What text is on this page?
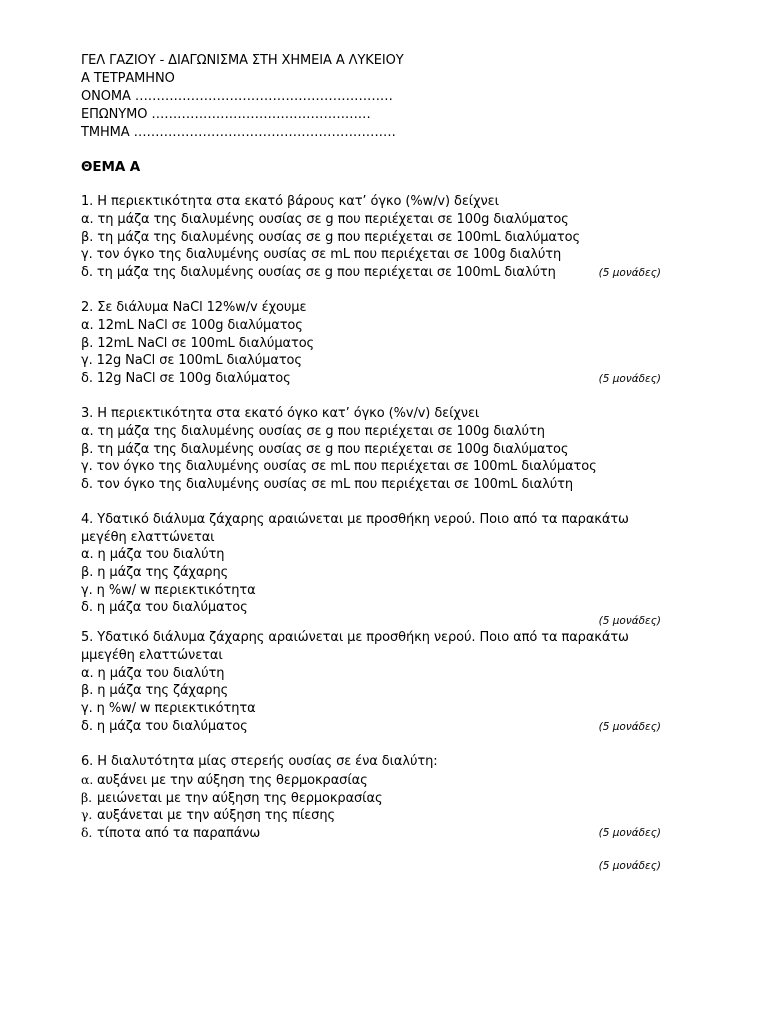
ΓΕΛ ΓΑΖΙΟΥ - ΔΙΑΓΩΝΙΣΜΑ ΣΤΗ ΧΗΜΕΙΑ Α ΛΥΚΕΙΟΥ

Α ΤΕΤΡΑΜΗΝΟ

ΟΝΟΜΑ ……………………………………………………

ΕΠΩΝΥΜΟ ……………………………………………

ΤΜΗΜΑ …………………………………………………….

ΘΕΜΑ Α

1. Η περιεκτικότητα στα εκατό βάρους κατ’ όγκο (%w/v) δείχνει

α. τη μάζα της διαλυμένης ουσίας σε g που περιέχεται σε 100g διαλύματος

β. τη μάζα της διαλυμένης ουσίας σε g που περιέχεται σε 100mL διαλύματος

γ. τον όγκο της διαλυμένης ουσίας σε mL που περιέχεται σε 100g διαλύτη

δ. τη μάζα της διαλυμένης ουσίας σε g που περιέχεται σε 100mL διαλύτη	(5 μονάδες)

2. Σε διάλυμα NaCl 12%w/v έχουμε

α. 12mL NaCl σε 100g διαλύματος

β. 12mL NaCl σε 100mL διαλύματος

γ. 12g NaCl σε 100mL διαλύματος

δ. 12g NaCl σε 100g διαλύματος	(5 μονάδες)

3. Η περιεκτικότητα στα εκατό όγκο κατ’ όγκο (%v/v) δείχνει

α. τη μάζα της διαλυμένης ουσίας σε g που περιέχεται σε 100g διαλύτη

β. τη μάζα της διαλυμένης ουσίας σε g που περιέχεται σε 100g διαλύματος

γ. τον όγκο της διαλυμένης ουσίας σε mL που περιέχεται σε 100mL διαλύματος

δ. τον όγκο της διαλυμένης ουσίας σε mL που περιέχεται σε 100mL διαλύτη

4. Υδατικό διάλυμα ζάχαρης αραιώνεται με προσθήκη νερού. Ποιο από τα παρακάτω

μεγέθη ελαττώνεται

α. η μάζα του διαλύτη

β. η μάζα της ζάχαρης

γ. η %w/ w περιεκτικότητα

δ. η μάζα του διαλύματος

(5 μονάδες)

5. Υδατικό διάλυμα ζάχαρης αραιώνεται με προσθήκη νερού. Ποιο από τα παρακάτω

μμεγέθη ελαττώνεται

α. η μάζα του διαλύτη

β. η μάζα της ζάχαρης

γ. η %w/ w περιεκτικότητα

δ. η μάζα του διαλύματος	(5 μονάδες)

6. Η διαλυτότητα μίας στερεής ουσίας σε ένα διαλύτη:

α. αυξάνει με την αύξηση της θερμοκρασίας

β. μειώνεται με την αύξηση της θερμοκρασίας

γ. αυξάνεται με την αύξηση της πίεσης

δ. τίποτα από τα παραπάνω	(5 μονάδες)

(5 μονάδες)
